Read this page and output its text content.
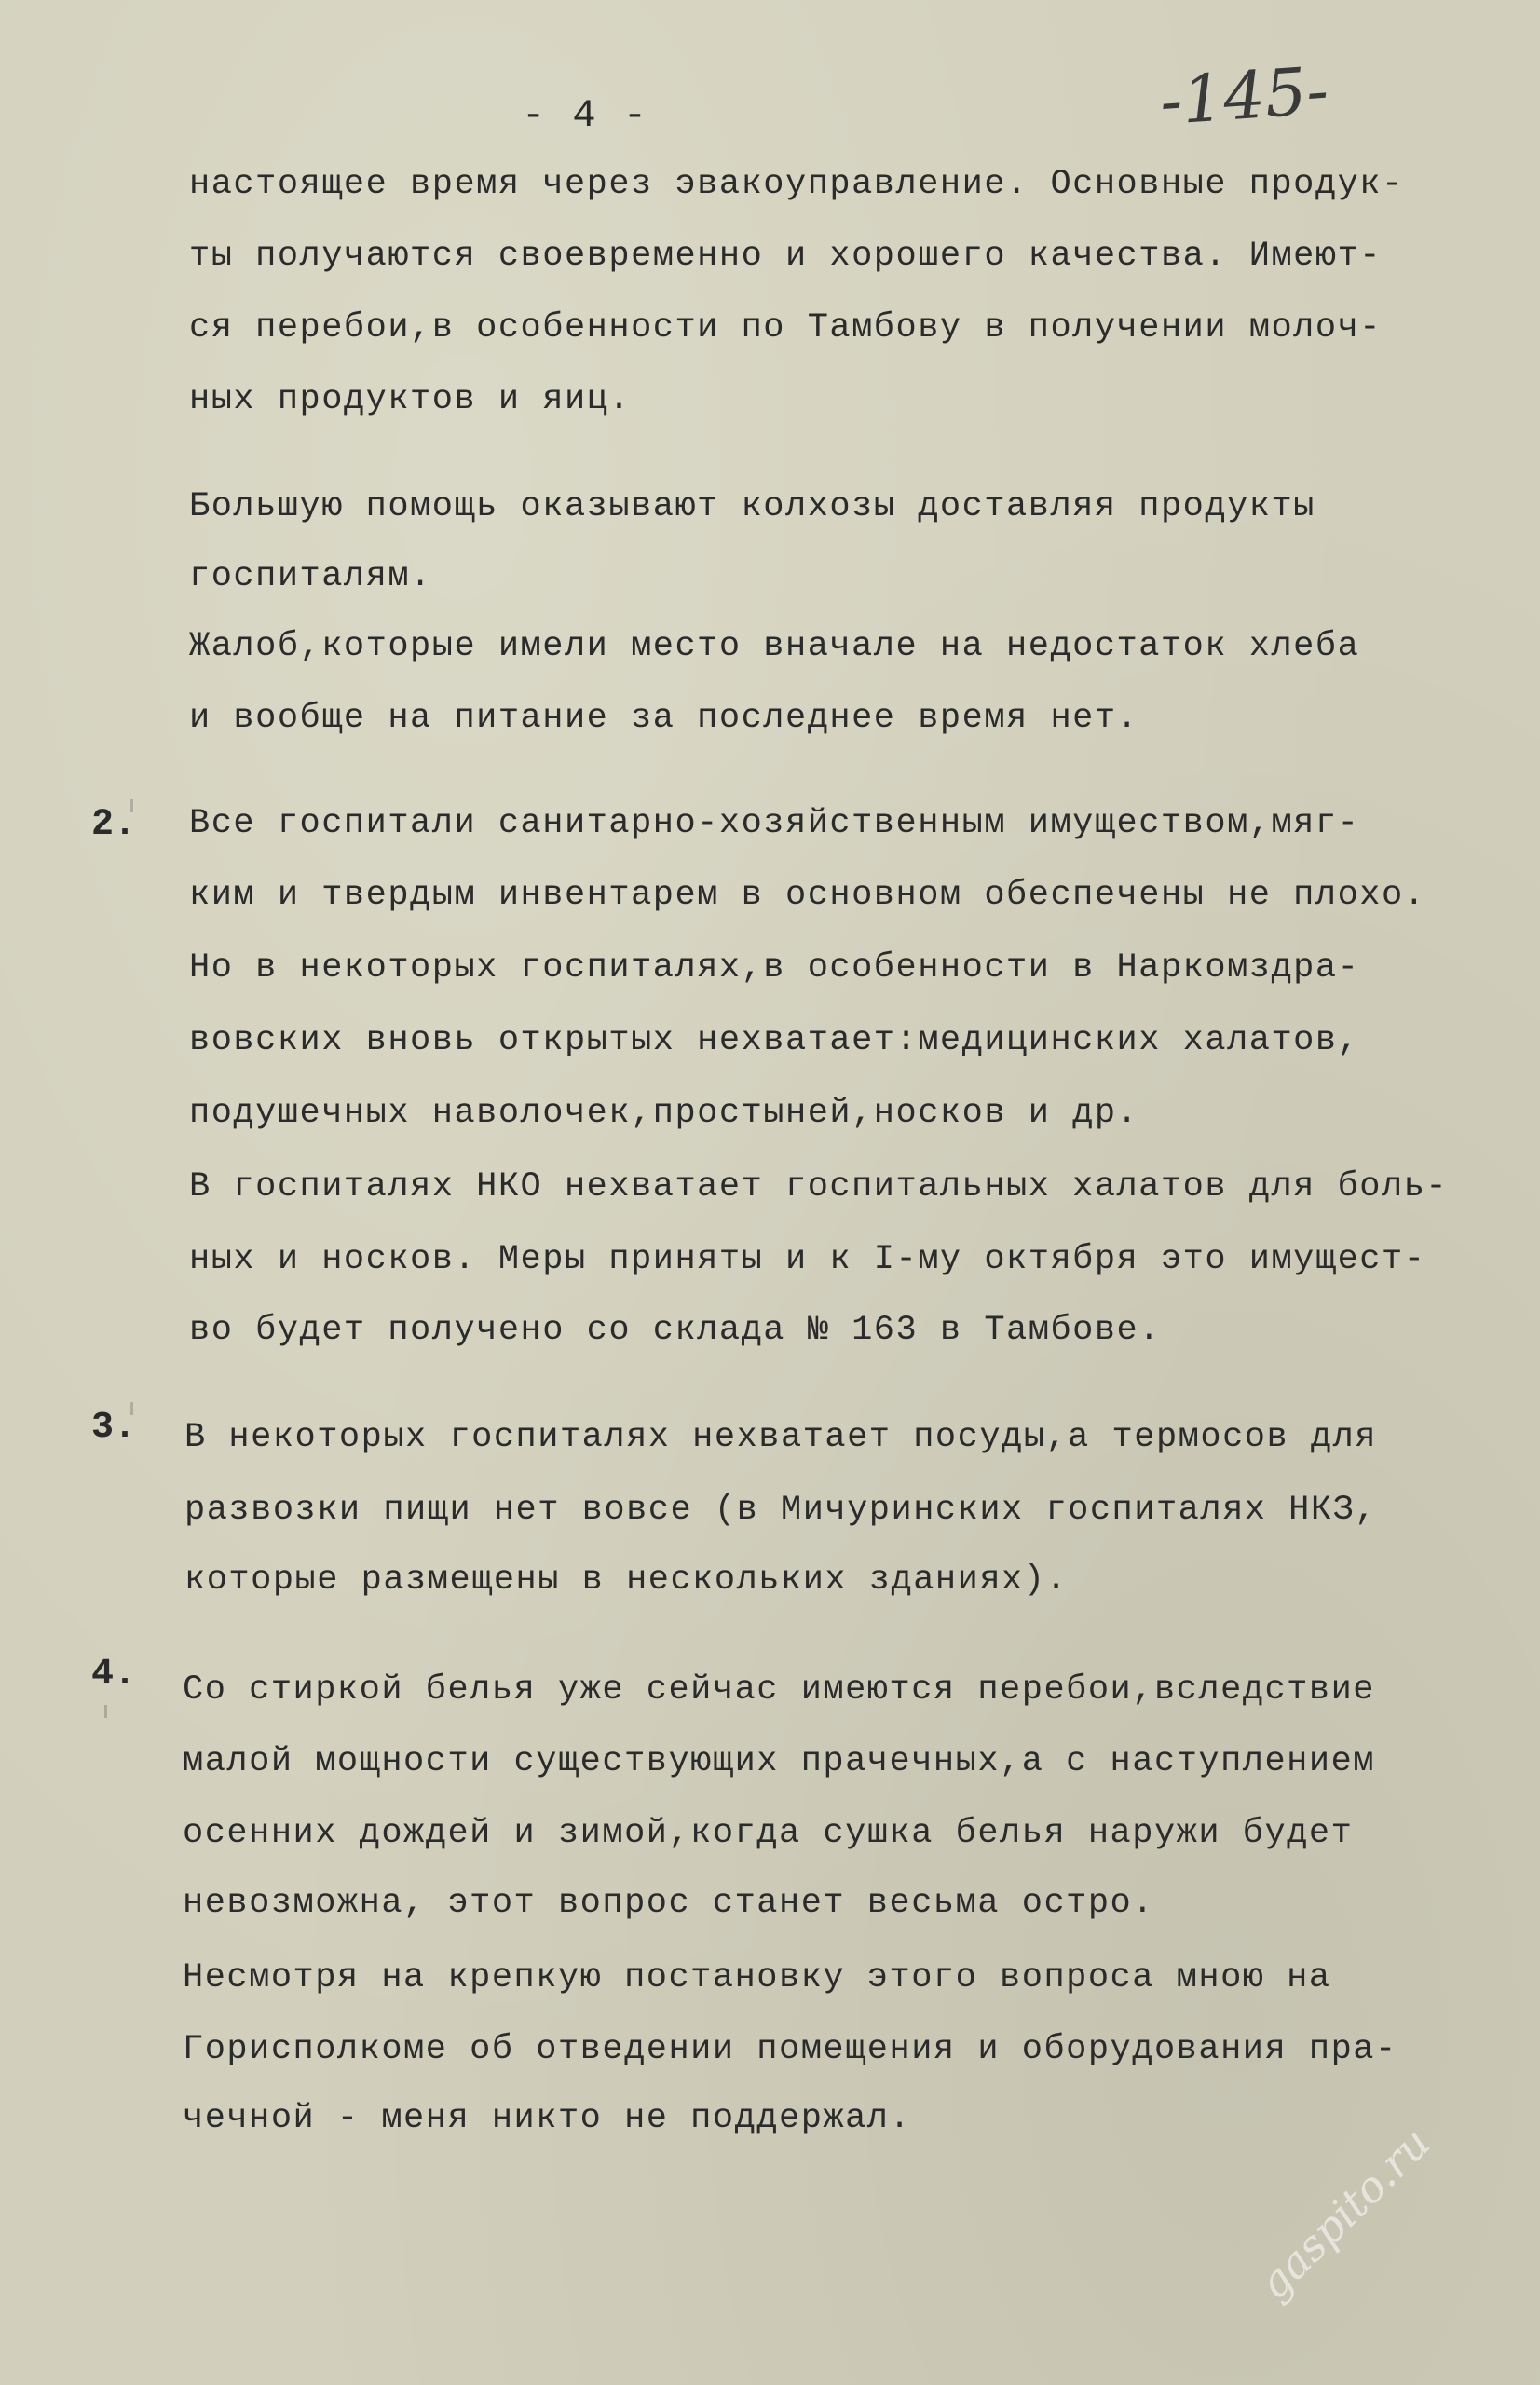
- 4 -	-145-
настоящее время через эвакоуправление. Основные продук-
ты получаются своевременно и хорошего качества. Имеют-
ся перебои,в особенности по Тамбову в получении молоч-
ных продуктов и яиц.
Большую помощь оказывают колхозы доставляя продукты
госпиталям.
Жалоб,которые имели место вначале на недостаток хлеба
и вообще на питание за последнее время нет.
2. Все госпитали санитарно-хозяйственным имуществом,мяг-
ким и твердым инвентарем в основном обеспечены не плохо.
Но в некоторых госпиталях,в особенности в Наркомздра-
вовских вновь открытых нехватает:медицинских халатов,
подушечных наволочек,простыней,носков и др.
В госпиталях НКО нехватает госпитальных халатов для боль-
ных и носков. Меры приняты и к I-му октября это имущест-
во будет получено со склада № 163 в Тамбове.
3. В некоторых госпиталях нехватает посуды,а термосов для
развозки пищи нет вовсе (в Мичуринских госпиталях НКЗ,
которые размещены в нескольких зданиях).
4. Со стиркой белья уже сейчас имеются перебои,вследствие
малой мощности существующих прачечных,а с наступлением
осенних дождей и зимой,когда сушка белья наружи будет
невозможна, этот вопрос станет весьма остро.
Несмотря на крепкую постановку этого вопроса мною на
Горисполкоме об отведении помещения и оборудования пра-
чечной - меня никто не поддержал.	gaspito.ru
